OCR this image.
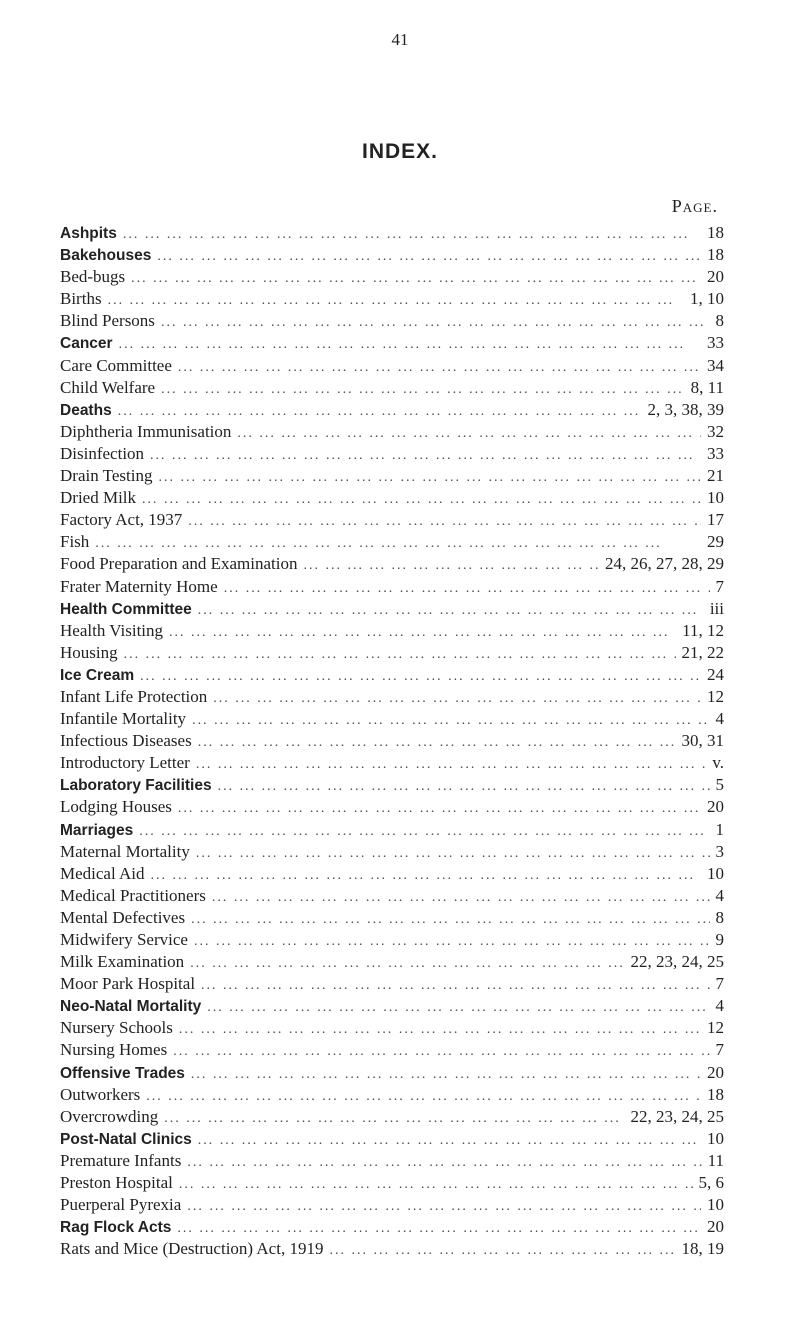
41
INDEX.
Page.
Ashpits ... .	18
Bakehouses ... .	18
Bed-bugs ... .	20
Births ... .	1, 10
Blind Persons ... .	8
Cancer ... .	33
Care Committee ... .	34
Child Welfare ... .	8, 11
Deaths ... .	2, 3, 38, 39
Diphtheria Immunisation ... .	32
Disinfection ... .	33
Drain Testing ... .	21
Dried Milk ... .	10
Factory Act, 1937 ... .	17
Fish ... .	29
Food Preparation and Examination ... .	24, 26, 27, 28, 29
Frater Maternity Home ... .	7
Health Committee ... .	iii
Health Visiting ... .	11, 12
Housing ... .	21, 22
Ice Cream ... .	24
Infant Life Protection ... .	12
Infantile Mortality ... .	4
Infectious Diseases ... .	30, 31
Introductory Letter ... .	v.
Laboratory Facilities ... .	5
Lodging Houses ... .	20
Marriages ... .	1
Maternal Mortality ... .	3
Medical Aid ... .	10
Medical Practitioners ... .	4
Mental Defectives ... .	8
Midwifery Service ... .	9
Milk Examination ... .	22, 23, 24, 25
Moor Park Hospital ... .	7
Neo-Natal Mortality ... .	4
Nursery Schools ... .	12
Nursing Homes ... .	7
Offensive Trades ... .	20
Outworkers ... .	18
Overcrowding ... .	22, 23, 24, 25
Post-Natal Clinics ... .	10
Premature Infants ... .	11
Preston Hospital ... .	5, 6
Puerperal Pyrexia ... .	10
Rag Flock Acts ... .	20
Rats and Mice (Destruction) Act, 1919 ... .	18, 19
